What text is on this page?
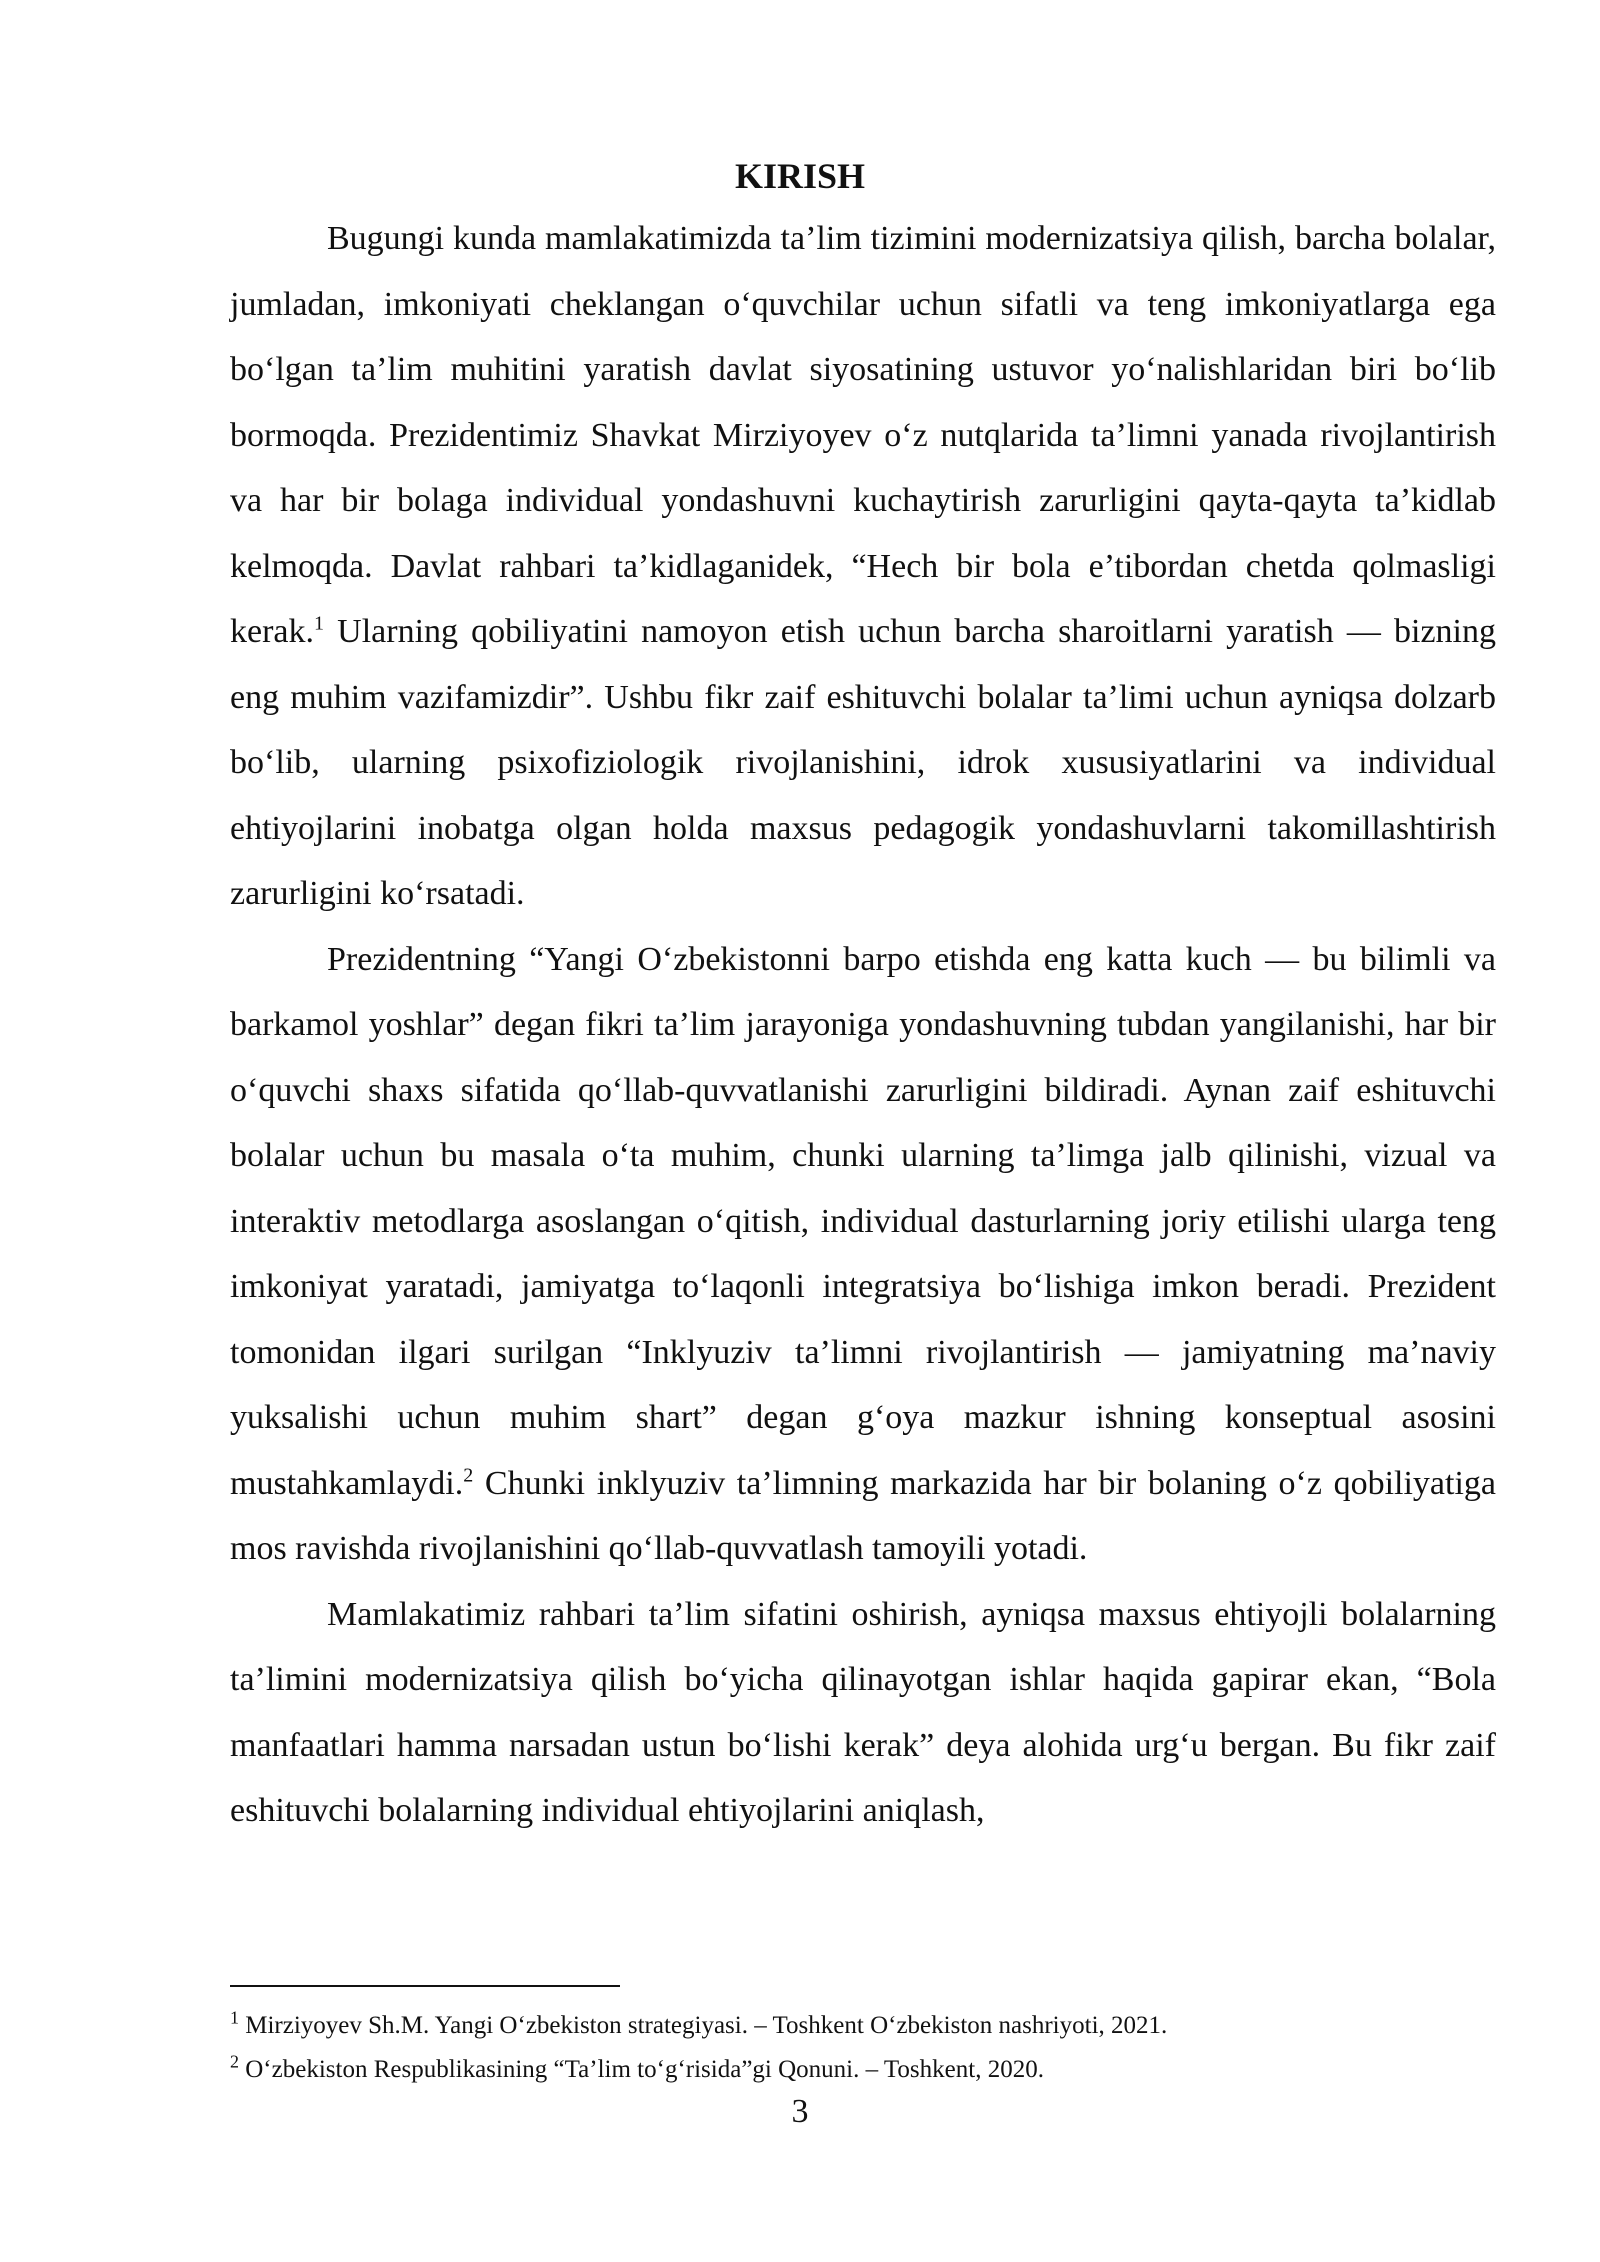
KIRISH

Bugungi kunda mamlakatimizda ta’lim tizimini modernizatsiya qilish, barcha bolalar, jumladan, imkoniyati cheklangan o‘quvchilar uchun sifatli va teng imkoniyatlarga ega bo‘lgan ta’lim muhitini yaratish davlat siyosatining ustuvor yo‘nalishlaridan biri bo‘lib bormoqda. Prezidentimiz Shavkat Mirziyoyev o‘z nutqlarida ta’limni yanada rivojlantirish va har bir bolaga individual yondashuvni kuchaytirish zarurligini qayta-qayta ta’kidlab kelmoqda. Davlat rahbari ta’kidlaganidek, “Hech bir bola e’tibordan chetda qolmasligi kerak.$^1$ Ularning qobiliyatini namoyon etish uchun barcha sharoitlarni yaratish — bizning eng muhim vazifamizdir”. Ushbu fikr zaif eshituvchi bolalar ta’limi uchun ayniqsa dolzarb bo‘lib, ularning psixofiziologik rivojlanishini, idrok xususiyatlarini va individual ehtiyojlarini inobatga olgan holda maxsus pedagogik yondashuvlarni takomillashtirish zarurligini ko‘rsatadi.

Prezidentning “Yangi O‘zbekistonni barpo etishda eng katta kuch — bu bilimli va barkamol yoshlar” degan fikri ta’lim jarayoniga yondashuvning tubdan yangilanishi, har bir o‘quvchi shaxs sifatida qo‘llab-quvvatlanishi zarurligini bildiradi. Aynan zaif eshituvchi bolalar uchun bu masala o‘ta muhim, chunki ularning ta’limga jalb qilinishi, vizual va interaktiv metodlarga asoslangan o‘qitish, individual dasturlarning joriy etilishi ularga teng imkoniyat yaratadi, jamiyatga to‘laqonli integratsiya bo‘lishiga imkon beradi. Prezident tomonidan ilgari surilgan “Inklyuziv ta’limni rivojlantirish — jamiyatning ma’naviy yuksalishi uchun muhim shart” degan g‘oya mazkur ishning konseptual asosini mustahkamlaydi.$^2$ Chunki inklyuziv ta’limning markazida har bir bolaning o‘z qobiliyatiga mos ravishda rivojlanishini qo‘llab-quvvatlash tamoyili yotadi.

Mamlakatimiz rahbari ta’lim sifatini oshirish, ayniqsa maxsus ehtiyojli bolalarning ta’limini modernizatsiya qilish bo‘yicha qilinayotgan ishlar haqida gapirar ekan, “Bola manfaatlari hamma narsadan ustun bo‘lishi kerak” deya alohida urg‘u bergan. Bu fikr zaif eshituvchi bolalarning individual ehtiyojlarini aniqlash,

$^1$ Mirziyoyev Sh.M. Yangi O‘zbekiston strategiyasi. – Toshkent O‘zbekiston nashriyoti, 2021.

$^2$ O‘zbekiston Respublikasining “Ta’lim to‘g‘risida”gi Qonuni. – Toshkent, 2020.

3
